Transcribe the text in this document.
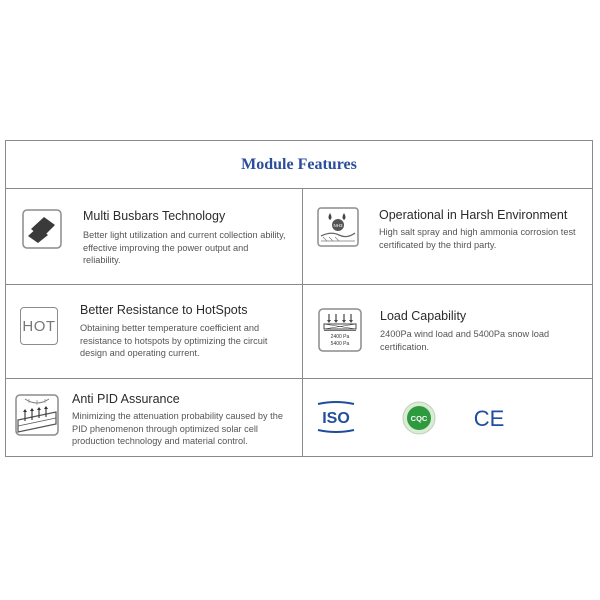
Module Features
Multi Busbars Technology
Better light utilization and current collection ability, effective improving the power output and reliability.
NH3
Operational in Harsh Environment
High salt spray and high ammonia corrosion test certificated by the third party.
HOT
Better Resistance to HotSpots
Obtaining better temperature coefficient and resistance to hotspots by optimizing the circuit design and operating current.
2400 Pa
5400 Pa
Load Capability
2400Pa wind load and 5400Pa snow load certification.
Anti PID Assurance
Minimizing the attenuation probability caused by the PID phenomenon through optimized solar cell production technology and material control.
ISO	CQC CE
